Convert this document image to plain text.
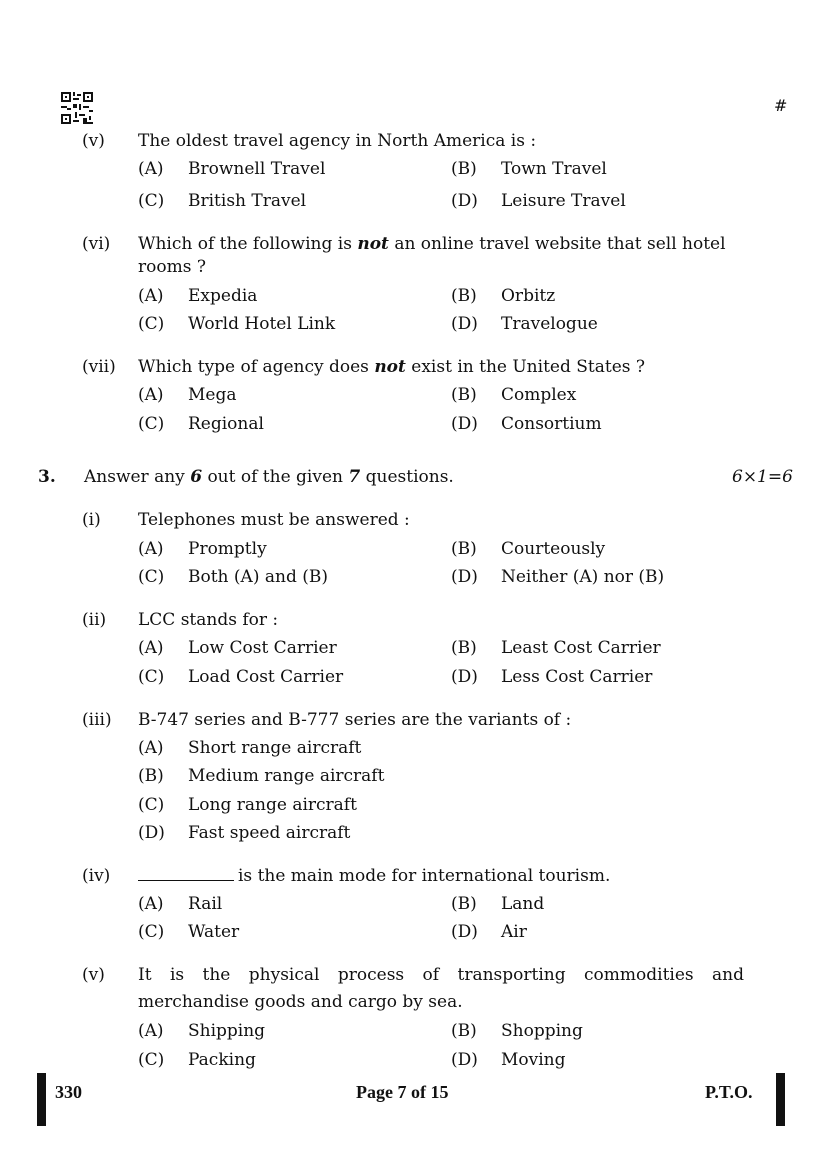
#
(v) The oldest travel agency in North America is :
(A) Brownell Travel	(B) Town Travel
(C) British Travel	(D) Leisure Travel
(vi) Which of the following is not an online travel website that sell hotel
rooms ?
(A) Expedia	(B) Orbitz
(C) World Hotel Link	(D) Travelogue
(vii) Which type of agency does not exist in the United States ?
(A) Mega	(B) Complex
(C) Regional	(D) Consortium
3. Answer any 6 out of the given 7 questions.	6×1=6
(i) Telephones must be answered :
(A) Promptly	(B) Courteously
(C) Both (A) and (B)	(D) Neither (A) nor (B)
(ii) LCC stands for :
(A) Low Cost Carrier	(B) Least Cost Carrier
(C) Load Cost Carrier	(D) Less Cost Carrier
(iii) B-747 series and B-777 series are the variants of :
(A) Short range aircraft
(B) Medium range aircraft
(C) Long range aircraft
(D) Fast speed aircraft
(iv)	is the main mode for international tourism.
(A) Rail	(B) Land
(C) Water	(D) Air
(v) It is the physical process of transporting commodities and
merchandise goods and cargo by sea.
(A) Shipping	(B) Shopping
(C) Packing	(D) Moving
330	Page 7 of 15	P.T.O.
